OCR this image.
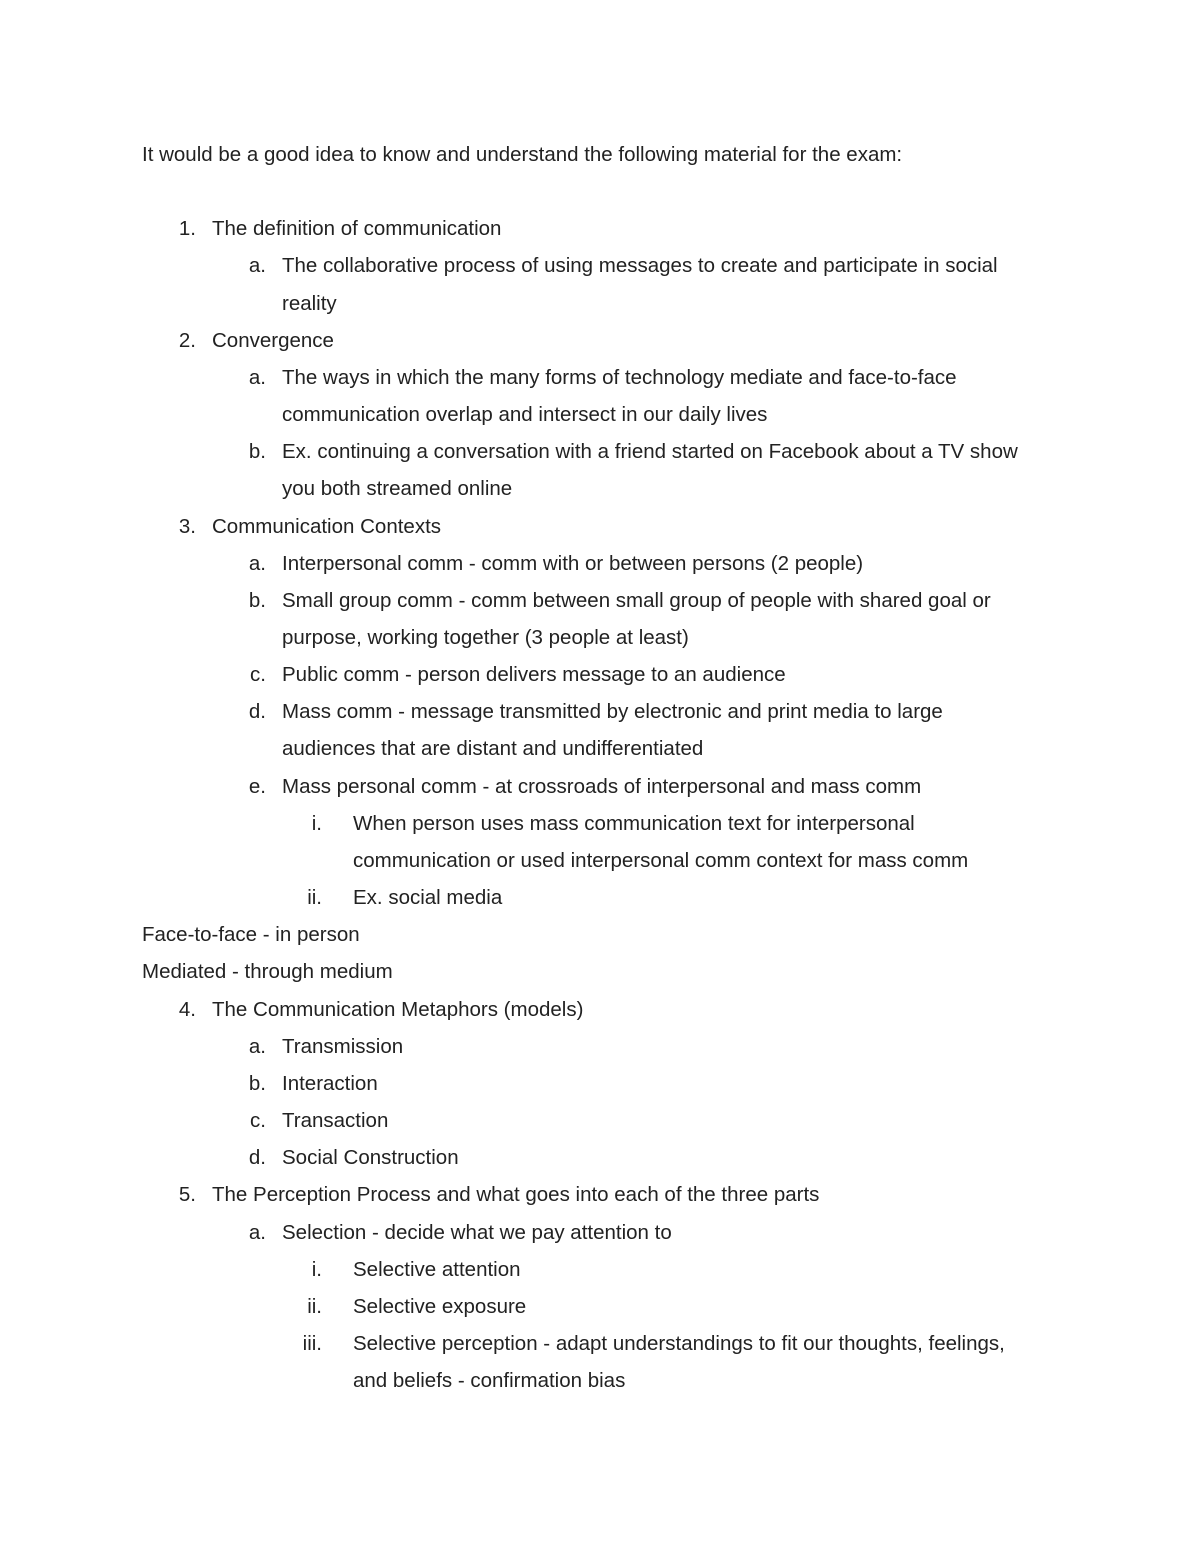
It would be a good idea to know and understand the following material for the exam:
1. The definition of communication
a. The collaborative process of using messages to create and participate in social
reality
2. Convergence
a. The ways in which the many forms of technology mediate and face-to-face
communication overlap and intersect in our daily lives
b. Ex. continuing a conversation with a friend started on Facebook about a TV show
you both streamed online
3. Communication Contexts
a. Interpersonal comm - comm with or between persons (2 people)
b. Small group comm - comm between small group of people with shared goal or
purpose, working together (3 people at least)
c. Public comm - person delivers message to an audience
d. Mass comm - message transmitted by electronic and print media to large
audiences that are distant and undifferentiated
e. Mass personal comm - at crossroads of interpersonal and mass comm
i. When person uses mass communication text for interpersonal
communication or used interpersonal comm context for mass comm
ii. Ex. social media
Face-to-face - in person
Mediated - through medium
4. The Communication Metaphors (models)
a. Transmission
b. Interaction
c. Transaction
d. Social Construction
5. The Perception Process and what goes into each of the three parts
a. Selection - decide what we pay attention to
i. Selective attention
ii. Selective exposure
iii. Selective perception - adapt understandings to fit our thoughts, feelings,
and beliefs - confirmation bias
